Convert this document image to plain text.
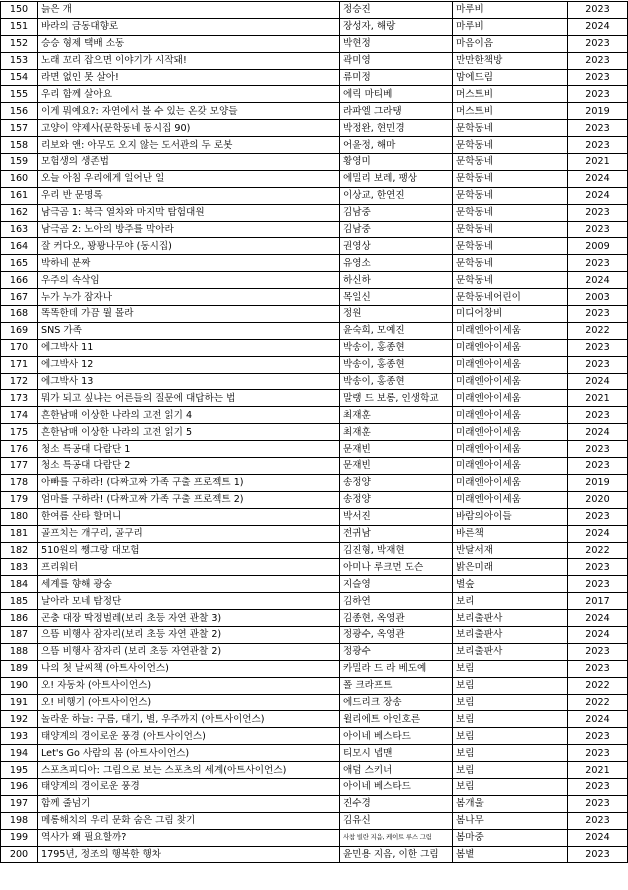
150	늙은 개	정승진	마루비	2023
151	바라의 금동대향로	장성자, 해랑	마루비	2024
152	승승 형제 택배 소동	박현정	마음이음	2023
153	노래 꼬리 잡으면 이야기가 시작돼!	곽미영	만만한책방	2023
154	라면 없인 못 살아!	류미정	맘에드림	2023
155	우리 함께 살아요	에릭 마티베	머스트비	2023
156	이게 뭐예요?: 자연에서 볼 수 있는 온갖 모양들	라파엘 그라탱	머스트비	2019
157	고양이 약제사(문학동네 동시집 90)	박정완, 현민경	문학동네	2023
158	리보와 앤: 아무도 오지 않는 도서관의 두 로봇	어윤정, 해마	문학동네	2023
159	모험생의 생존법	황영미	문학동네	2021
160	오늘 아침 우리에게 일어난 일	에밀리 보레, 팽상	문학동네	2024
161	우리 반 문명록	이상교, 한연진	문학동네	2024
162	남극곰 1: 북극 열차와 마지막 탐험대원	김남중	문학동네	2023
163	남극곰 2: 노아의 방주를 막아라	김남중	문학동네	2023
164	잘 커다오, 꽝꽝나무야 (동시집)	권영상	문학동네	2009
165	박하네 분짜	유영소	문학동네	2023
166	우주의 속삭임	하신하	문학동네	2024
167	누가 누가 잠자나	목일신	문학동네어린이	2003
168	똑똑한데 가끔 뭘 몰라	정원	미디어창비	2023
169	SNS 가족	윤숙희, 모예진	미래엔아이세움	2022
170	에그박사 11	박송이, 홍종현	미래엔아이세움	2023
171	에그박사 12	박송이, 홍종현	미래엔아이세움	2023
172	에그박사 13	박송이, 홍종현	미래엔아이세움	2024
173	뭐가 되고 싶냐는 어른들의 질문에 대답하는 법	말랭 드 보롱, 인생학교	미래엔아이세움	2021
174	흔한남매 이상한 나라의 고전 읽기 4	최재훈	미래엔아이세움	2023
175	흔한남매 이상한 나라의 고전 읽기 5	최재훈	미래엔아이세움	2024
176	청소 특공대 다람단 1	문재빈	미래엔아이세움	2023
177	청소 특공대 다람단 2	문재빈	미래엔아이세움	2023
178	아빠를 구하라! (다짜고짜 가족 구출 프로젝트 1)	송정양	미래엔아이세움	2019
179	엄마를 구하라! (다짜고짜 가족 구출 프로젝트 2)	송정양	미래엔아이세움	2020
180	한여름 산타 할머니	박서진	바람의아이들	2023
181	골프치는 개구리, 골구리	전귀남	바른책	2024
182	510원의 쨍그랑 대모험	김진형, 박재현	반달서재	2022
183	프리워터	아미나 루크먼 도슨	밝은미래	2023
184	세계를 향해 광숭	지슬영	별숲	2023
185	날아라 모네 탐정단	김하연	보리	2017
186	곤충 대장 딱정벌레(보리 초등 자연 관찰 3)	김종현, 옥영관	보리출판사	2024
187	으뜸 비행사 잠자리(보리 초등 자연 관찰 2)	정광수, 옥영관	보리출판사	2024
188	으뜸 비행사 잠자리 (보리 초등 자연관찰 2)	정광수	보리출판사	2023
189	나의 첫 날씨책 (아트사이언스)	카밀라 드 라 베도예	보림	2023
190	오! 자동차 (아트사이언스)	폴 크라프트	보림	2022
191	오! 비행기 (아트사이언스)	에드리크 장송	보림	2022
192	놀라운 하늘: 구름, 대기, 별, 우주까지 (아트사이언스)	윌리에트 아인호른	보림	2024
193	태양계의 경이로운 풍경 (아트사이언스)	아이네 베스타드	보림	2023
194	Let's Go 사람의 몸 (아트사이언스)	티모시 넵맨	보림	2023
195	스포츠피디아: 그림으로 보는 스포츠의 세계(아트사이언스)	애덤 스키너	보림	2021
196	태양계의 경이로운 풍경	아이네 베스타드	보림	2023
197	함께 줄넘기	진수경	봄개울	2023
198	메롱해치의 우리 문화 숨은 그림 찾기	김유신	봄나무	2023
199	역사가 왜 필요할까?	사참 빌란 지음, 케이트 루스 그림	봄마중	2024
200	1795년, 정조의 행복한 행차	윤민용 지음, 이한 그림	봄볕	2023
